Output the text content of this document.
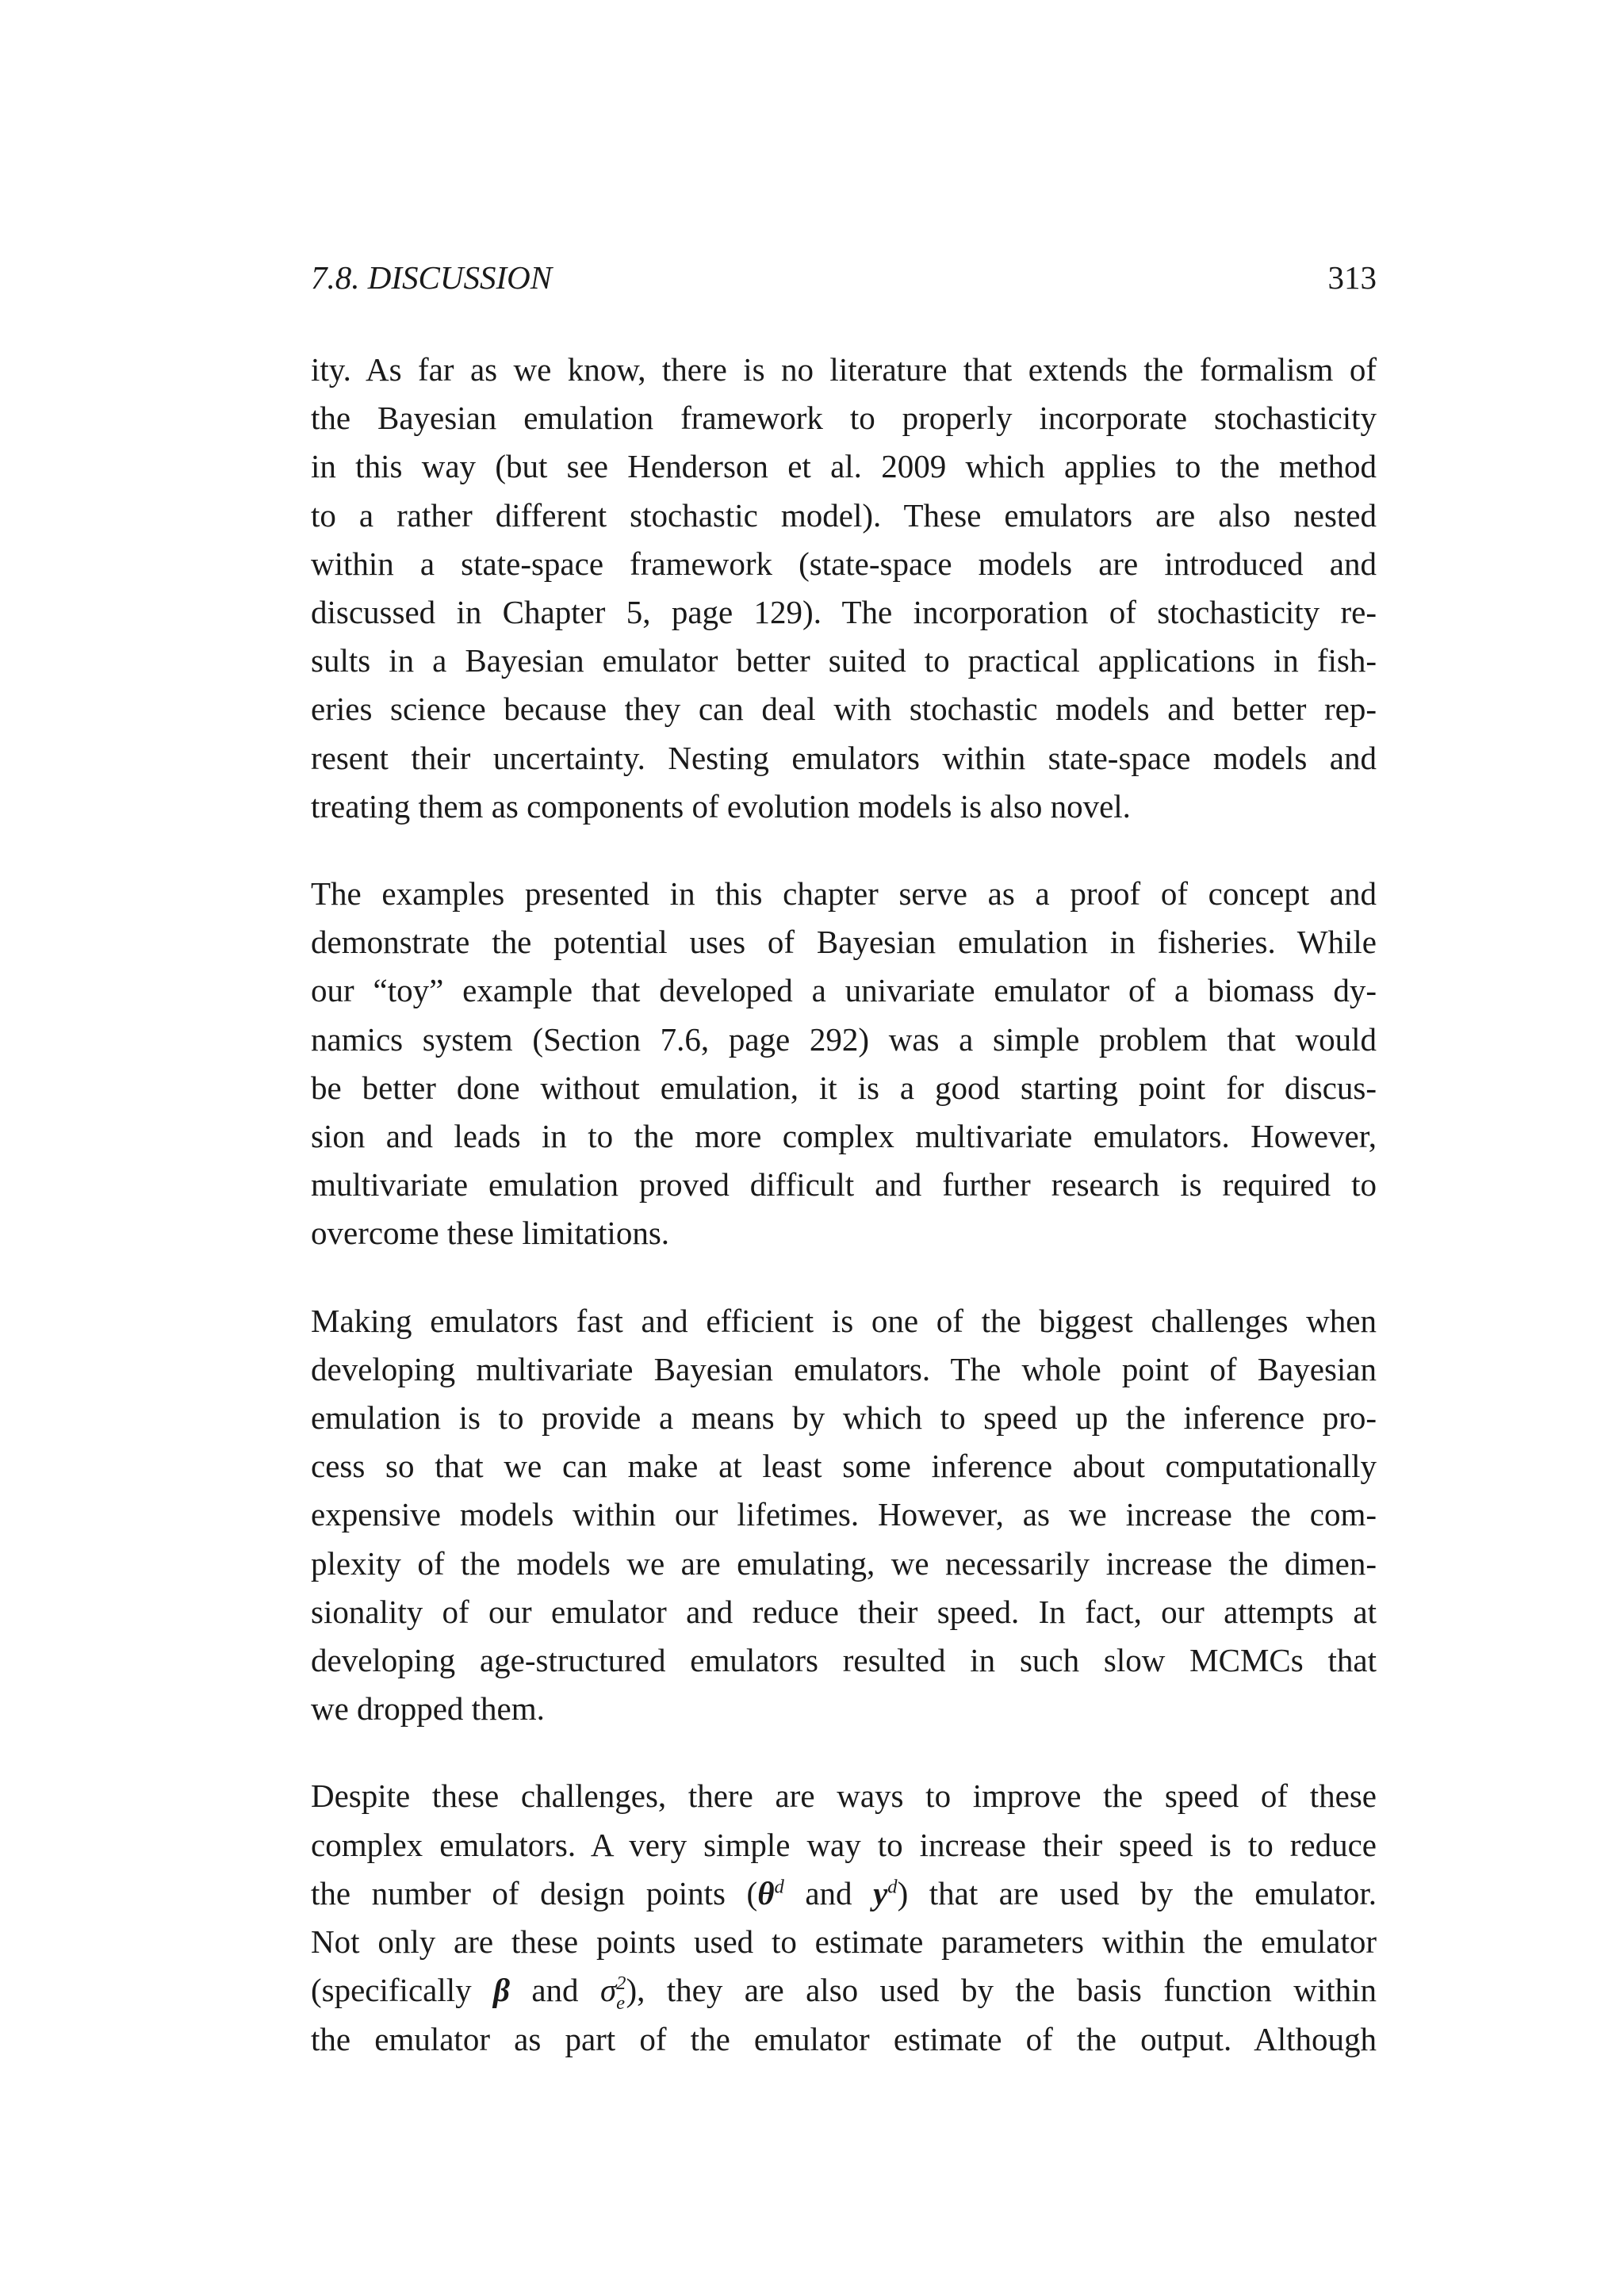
7.8. DISCUSSION	313

ity. As far as we know, there is no literature that extends the formalism of
the Bayesian emulation framework to properly incorporate stochasticity
in this way (but see Henderson et al. 2009 which applies to the method
to a rather different stochastic model). These emulators are also nested
within a state-space framework (state-space models are introduced and
discussed in Chapter 5, page 129). The incorporation of stochasticity re-
sults in a Bayesian emulator better suited to practical applications in fish-
eries science because they can deal with stochastic models and better rep-
resent their uncertainty. Nesting emulators within state-space models and
treating them as components of evolution models is also novel.

The examples presented in this chapter serve as a proof of concept and
demonstrate the potential uses of Bayesian emulation in fisheries. While
our “toy” example that developed a univariate emulator of a biomass dy-
namics system (Section 7.6, page 292) was a simple problem that would
be better done without emulation, it is a good starting point for discus-
sion and leads in to the more complex multivariate emulators. However,
multivariate emulation proved difficult and further research is required to
overcome these limitations.

Making emulators fast and efficient is one of the biggest challenges when
developing multivariate Bayesian emulators. The whole point of Bayesian
emulation is to provide a means by which to speed up the inference pro-
cess so that we can make at least some inference about computationally
expensive models within our lifetimes. However, as we increase the com-
plexity of the models we are emulating, we necessarily increase the dimen-
sionality of our emulator and reduce their speed. In fact, our attempts at
developing age-structured emulators resulted in such slow MCMCs that
we dropped them.

Despite these challenges, there are ways to improve the speed of these
complex emulators. A very simple way to increase their speed is to reduce
the number of design points ($\theta^d$ and $y^d$) that are used by the emulator.
Not only are these points used to estimate parameters within the emulator
(specifically β and σ 2
e ), they are also used by the basis function within
the emulator as part of the emulator estimate of the output. Although
